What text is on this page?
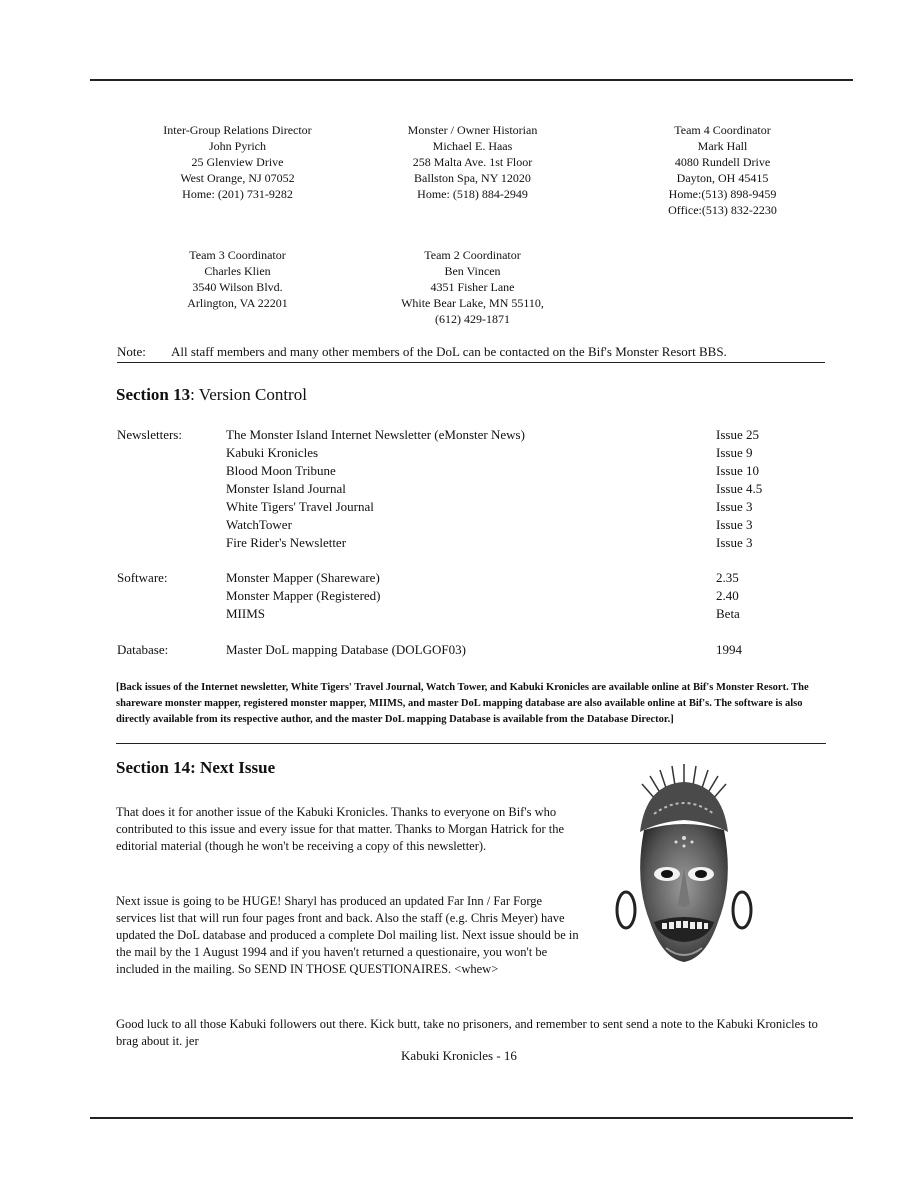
Inter-Group Relations Director
John Pyrich
25 Glenview Drive
West Orange, NJ 07052
Home: (201) 731-9282
Monster / Owner Historian
Michael E. Haas
258 Malta Ave. 1st Floor
Ballston Spa, NY 12020
Home: (518) 884-2949
Team 4 Coordinator
Mark Hall
4080 Rundell Drive
Dayton, OH 45415
Home:(513) 898-9459
Office:(513) 832-2230
Team 3 Coordinator
Charles Klien
3540 Wilson Blvd.
Arlington, VA 22201
Team 2 Coordinator
Ben Vincen
4351 Fisher Lane
White Bear Lake, MN 55110,
(612) 429-1871
Note: All staff members and many other members of the DoL can be contacted on the Bif's Monster Resort BBS.
Section 13: Version Control
Newsletters:	The Monster Island Internet Newsletter (eMonster News)	Issue 25
Kabuki Kronicles	Issue 9
Blood Moon Tribune	Issue 10
Monster Island Journal	Issue 4.5
White Tigers' Travel Journal	Issue 3
WatchTower	Issue 3
Fire Rider's Newsletter	Issue 3
Software:	Monster Mapper (Shareware)	2.35
Monster Mapper (Registered)	2.40
MIIMS	Beta
Database:	Master DoL mapping Database (DOLGOF03)	1994
[Back issues of the Internet newsletter, White Tigers' Travel Journal, Watch Tower, and Kabuki Kronicles are available online at Bif's Monster Resort. The shareware monster mapper, registered monster mapper, MIIMS, and master DoL mapping database are also available online at Bif's. The software is also directly available from its respective author, and the master DoL mapping Database is available from the Database Director.]
Section 14: Next Issue
That does it for another issue of the Kabuki Kronicles. Thanks to everyone on Bif's who contributed to this issue and every issue for that matter. Thanks to Morgan Hatrick for the editorial material (though he won't be receiving a copy of this newsletter).
Next issue is going to be HUGE! Sharyl has produced an updated Far Inn / Far Forge services list that will run four pages front and back. Also the staff (e.g. Chris Meyer) have updated the DoL database and produced a complete Dol mailing list. Next issue should be in the mail by the 1 August 1994 and if you haven't returned a questionaire, you won't be included in the mailing. So SEND IN THOSE QUESTIONAIRES. <whew>
Good luck to all those Kabuki followers out there. Kick butt, take no prisoners, and remember to sent send a note to the Kabuki Kronicles to brag about it. jer
Kabuki Kronicles - 16
